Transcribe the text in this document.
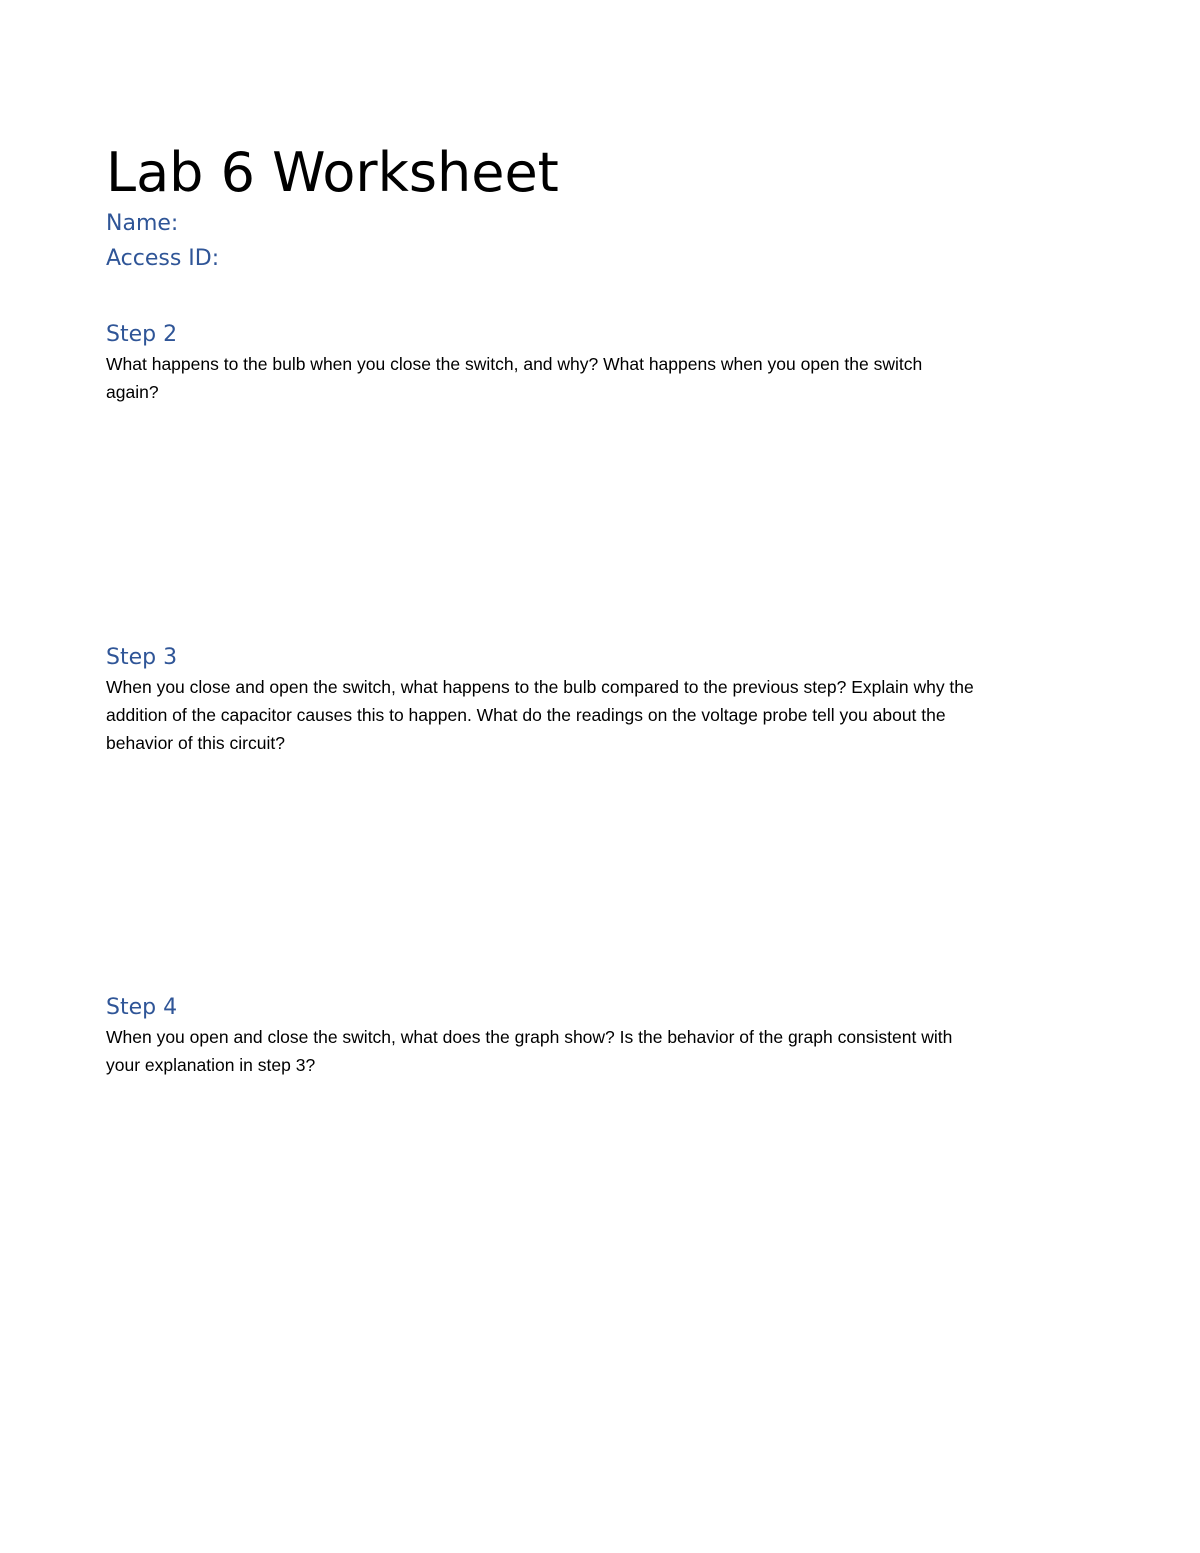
Lab 6 Worksheet

Name:

Access ID:

Step 2

What happens to the bulb when you close the switch, and why? What happens when you open the switch

again?

Step 3

When you close and open the switch, what happens to the bulb compared to the previous step? Explain why the

addition of the capacitor causes this to happen. What do the readings on the voltage probe tell you about the

behavior of this circuit?

Step 4

When you open and close the switch, what does the graph show? Is the behavior of the graph consistent with

your explanation in step 3?
